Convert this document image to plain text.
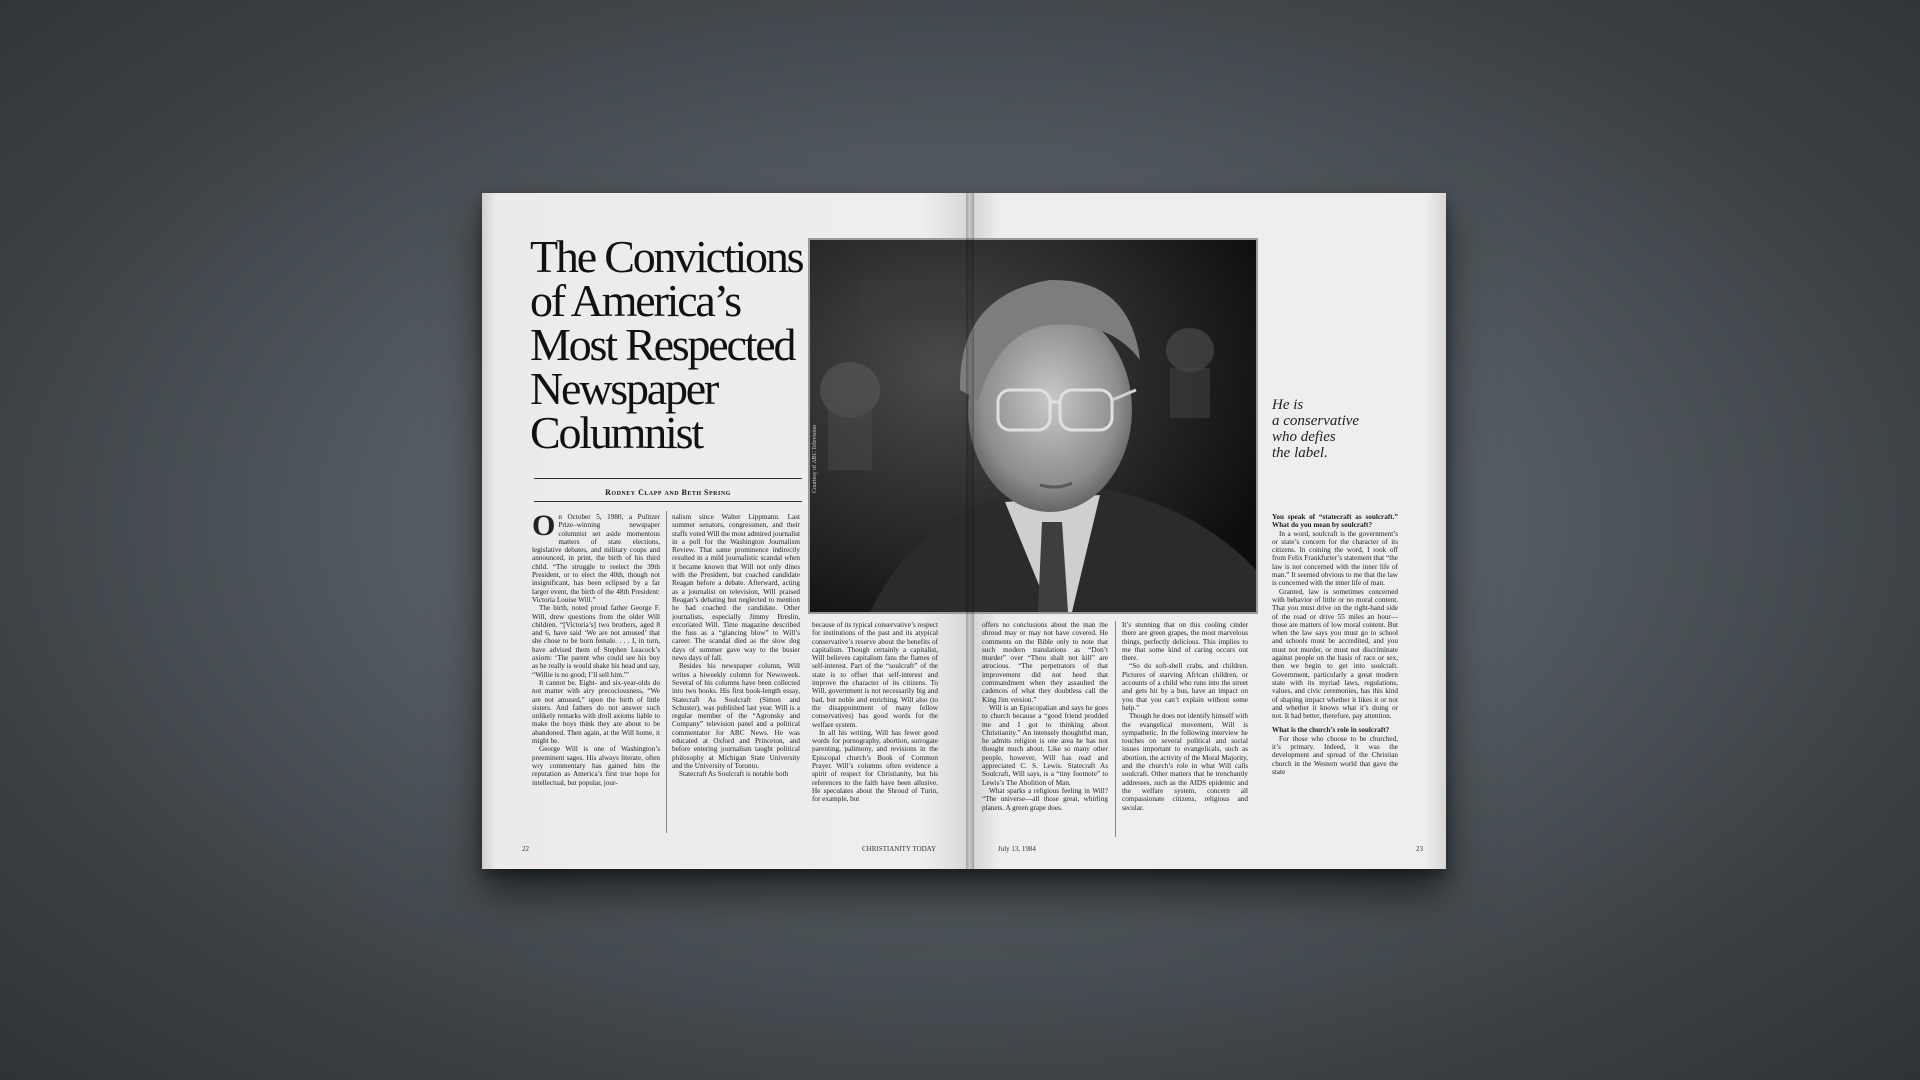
The Convictions
of America’s
Most Respected
Newspaper
Columnist
Rodney Clapp and Beth Spring

On October 5, 1980, a Pulitzer Prize–winning newspaper columnist set aside momentous matters of state elections, legislative debates, and military coups and announced, in print, the birth of his third child. “The struggle to reelect the 39th President, or to elect the 40th, though not insignificant, has been eclipsed by a far larger event, the birth of the 48th President: Victoria Louise Will.”

The birth, noted proud father George F. Will, drew questions from the older Will children. “[Victoria’s] two brothers, aged 8 and 6, have said ‘We are not amused’ that she chose to be born female. . . . I, in turn, have advised them of Stephen Leacock’s axiom: ‘The parent who could see his boy as he really is would shake his head and say, “Willie is no good; I’ll sell him.”’

It cannot be. Eight- and six-year-olds do not matter with airy precociousness, “We are not amused,” upon the birth of little sisters. And fathers do not answer such unlikely remarks with droll axioms liable to make the boys think they are about to be abandoned. Then again, at the Will home, it might be.

George Will is one of Washington’s preeminent sages. His always literate, often wry commentary has gained him the reputation as America’s first true hope for intellectual, but popular, jour-

nalism since Walter Lippmann. Last summer senators, congressmen, and their staffs voted Will the most admired journalist in a poll for the Washington Journalism Review. That same prominence indirectly resulted in a mild journalistic scandal when it became known that Will not only dines with the President, but coached candidate Reagan before a debate. Afterward, acting as a journalist on television, Will praised Reagan’s debating but neglected to mention he had coached the candidate. Other journalists, especially Jimmy Breslin, excoriated Will. Time magazine described the fuss as a “glancing blow” to Will’s career. The scandal died as the slow dog days of summer gave way to the busier news days of fall.

Besides his newspaper column, Will writes a biweekly column for Newsweek. Several of his columns have been collected into two books. His first book-length essay, Statecraft As Soulcraft (Simon and Schuster), was published last year. Will is a regular member of the “Agronsky and Company” television panel and a political commentator for ABC News. He was educated at Oxford and Princeton, and before entering journalism taught political philosophy at Michigan State University and the University of Toronto.

Statecraft As Soulcraft is notable both

because of its typical conservative’s respect for institutions of the past and its atypical conservative’s reserve about the benefits of capitalism. Though certainly a capitalist, Will believes capitalism fans the flames of self-interest. Part of the “soulcraft” of the state is to offset that self-interest and improve the character of its citizens. To Will, government is not necessarily big and bad, but noble and enriching. Will also (to the disappointment of many fellow conservatives) has good words for the welfare system.

In all his writing, Will has fewer good words for pornography, abortion, surrogate parenting, palimony, and revisions in the Episcopal church’s Book of Common Prayer. Will’s columns often evidence a spirit of respect for Christianity, but his references to the faith have been allusive. He speculates about the Shroud of Turin, for example, but

22	CHRISTIANITY TODAY

offers no conclusions about the man the shroud may or may not have covered. He comments on the Bible only to note that such modern translations as “Don’t murder” over “Thou shalt not kill” are atrocious. “The perpetrators of that improvement did not heed that commandment when they assaulted the cadences of what they doubtless call the King Jim version.”

Will is an Episcopalian and says he goes to church because a “good friend prodded me and I got to thinking about Christianity.” An intensely thoughtful man, he admits religion is one area he has not thought much about. Like so many other people, however, Will has read and appreciated C. S. Lewis. Statecraft As Soulcraft, Will says, is a “tiny footnote” to Lewis’s The Abolition of Man.

What sparks a religious feeling in Will? “The universe—all those great, whirling planets. A green grape does.

It’s stunning that on this cooling cinder there are green grapes, the most marvelous things, perfectly delicious. This implies to me that some kind of caring occurs out there.

“So do soft-shell crabs, and children. Pictures of starving African children, or accounts of a child who runs into the street and gets hit by a bus, have an impact on you that you can’t explain without some help.”

Though he does not identify himself with the evangelical movement, Will is sympathetic. In the following interview he touches on several political and social issues important to evangelicals, such as abortion, the activity of the Moral Majority, and the church’s role in what Will calls soulcraft. Other matters that he trenchantly addresses, such as the AIDS epidemic and the welfare system, concern all compassionate citizens, religious and secular.

He is
a conservative
who defies
the label.

You speak of “statecraft as soulcraft.” What do you mean by soulcraft?

In a word, soulcraft is the government’s or state’s concern for the character of its citizens. In coining the word, I took off from Felix Frankfurter’s statement that “the law is not concerned with the inner life of man.” It seemed obvious to me that the law is concerned with the inner life of man.

Granted, law is sometimes concerned with behavior of little or no moral content. That you must drive on the right-hand side of the road or drive 55 miles an hour—those are matters of low moral content. But when the law says you must go to school and schools must be accredited, and you must not murder, or must not discriminate against people on the basis of race or sex, then we begin to get into soulcraft. Government, particularly a great modern state with its myriad laws, regulations, values, and civic ceremonies, has this kind of shaping impact whether it likes it or not and whether it knows what it’s doing or not. It had better, therefore, pay attention.

What is the church’s role in soulcraft?

For those who choose to be churched, it’s primary. Indeed, it was the development and spread of the Christian church in the Western world that gave the state

July 13, 1984	23
Courtesy of ABC Television
